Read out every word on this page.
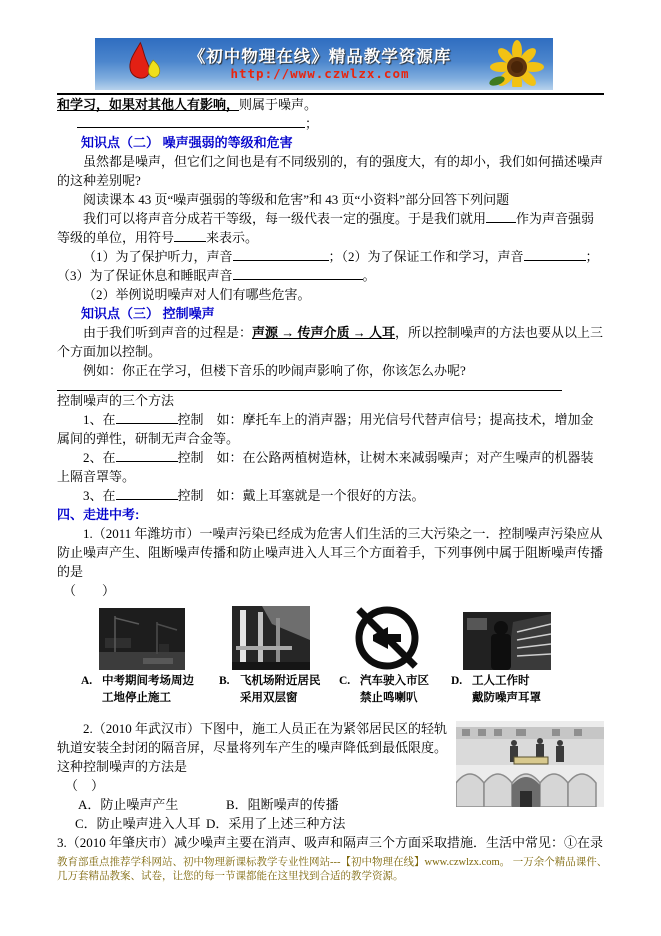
《初中物理在线》精品教学资源库
http://www.czwlzx.com

和学习，如果对其他人有影响，则属于噪声。

；

知识点（二） 噪声强弱的等级和危害

虽然都是噪声，但它们之间也是有不同级别的，有的强度大，有的却小，我们如何描述噪声的这种差别呢?

阅读课本 43 页“噪声强弱的等级和危害”和 43 页“小资料”部分回答下列问题

我们可以将声音分成若干等级，每一级代表一定的强度。于是我们就用 作为声音强弱等级的单位，用符号 来表示。

（1）为了保护听力，声音	；（2）为了保证工作和学习，声音	；（3）为了保证休息和睡眠声音	。

（2）举例说明噪声对人们有哪些危害。

知识点（三） 控制噪声

由于我们听到声音的过程是：声源 → 传声介质 → 人耳，所以控制噪声的方法也要从以上三个方面加以控制。

例如：你正在学习，但楼下音乐的吵闹声影响了你，你该怎么办呢?

控制噪声的三个方法

1、在	控制　如：摩托车上的消声器；用光信号代替声信号；提高技术，增加金属间的弹性，研制无声合金等。

2、在	控制　如：在公路两植树造林，让树木来减弱噪声；对产生噪声的机器装上隔音罩等。

3、在	控制　如：戴上耳塞就是一个很好的方法。

四、走进中考:

1.（2011 年潍坊市）一噪声污染已经成为危害人们生活的三大污染之一．控制噪声污染应从防止噪声产生、阻断噪声传播和防止噪声进入人耳三个方面着手，下列事例中属于阻断噪声传播的是

（　　）

A. 中考期间考场周边
工地停止施工
B. 飞机场附近居民
采用双层窗
C. 汽车驶入市区
禁止鸣喇叭
D. 工人工作时
戴防噪声耳罩

2.（2010 年武汉市）下图中，施工人员正在为紧邻居民区的轻轨轨道安装全封闭的隔音屏，尽量将列车产生的噪声降低到最低限度。这种控制噪声的方法是

（　）

A．防止噪声产生	B．阻断噪声的传播

C．防止噪声进入人耳 D．采用了上述三种方法

3.（2010 年肇庆市）减少噪声主要在消声、吸声和隔声三个方面采取措施．生活中常见：①在录

教育部重点推荐学科网站、初中物理新课标教学专业性网站---【初中物理在线】www.czwlzx.com。 一万余个精品课件、几万套精品教案、试卷，让您的每一节课都能在这里找到合适的教学资源。
